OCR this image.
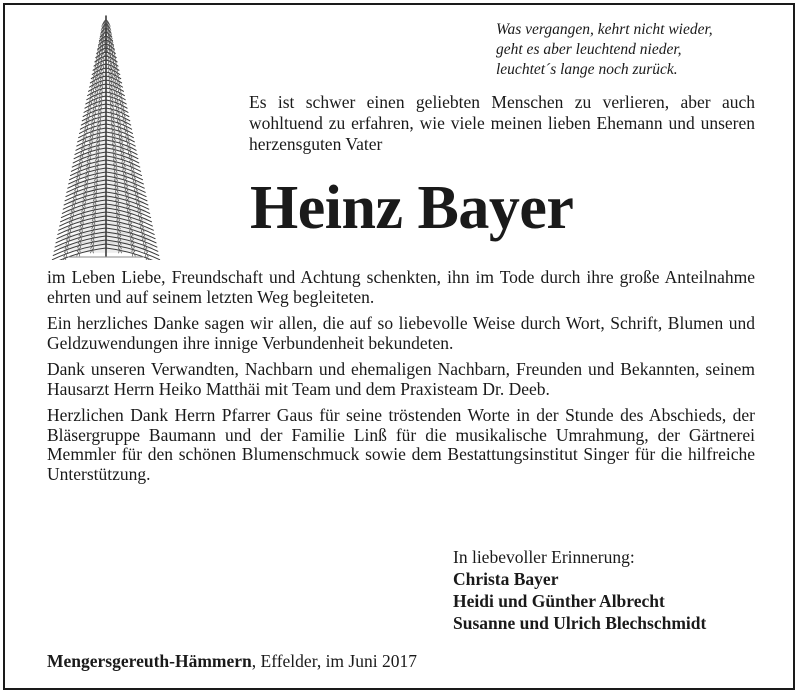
Was vergangen, kehrt nicht wieder,
geht es aber leuchtend nieder,
leuchtet´s lange noch zurück.
Es ist schwer einen geliebten Menschen zu verlieren, aber auch wohltuend zu erfahren, wie viele meinen lieben Ehemann und unseren herzensguten Vater
Heinz Bayer

im Leben Liebe, Freundschaft und Achtung schenkten, ihn im Tode durch ihre große Anteilnahme ehrten und auf seinem letzten Weg begleiteten.

Ein herzliches Danke sagen wir allen, die auf so liebevolle Weise durch Wort, Schrift, Blumen und Geldzuwendungen ihre innige Verbundenheit bekundeten.

Dank unseren Verwandten, Nachbarn und ehemaligen Nachbarn, Freunden und Bekannten, seinem Hausarzt Herrn Heiko Matthäi mit Team und dem Praxisteam Dr. Deeb.

Herzlichen Dank Herrn Pfarrer Gaus für seine tröstenden Worte in der Stunde des Abschieds, der Bläsergruppe Baumann und der Familie Linß für die musikalische Umrahmung, der Gärtnerei Memmler für den schönen Blumenschmuck sowie dem Bestattungsinstitut Singer für die hilfreiche Unterstützung.

In liebevoller Erinnerung:
Christa Bayer
Heidi und Günther Albrecht
Susanne und Ulrich Blechschmidt
Mengersgereuth-Hämmern, Effelder, im Juni 2017
